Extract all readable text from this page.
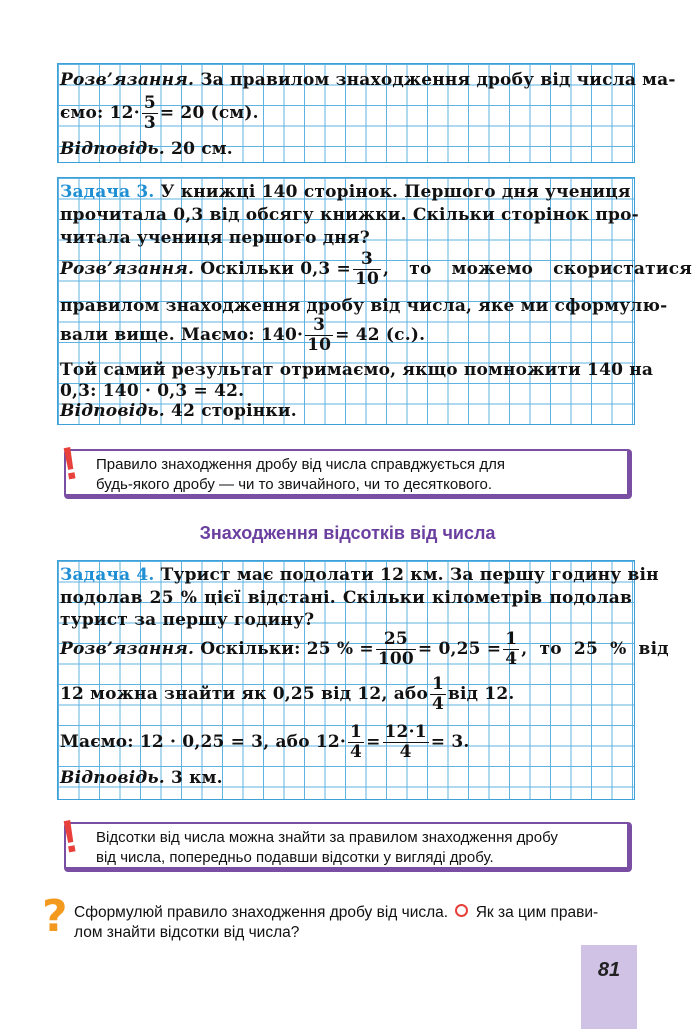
Розв’язання. За правилом знаходження дробу від числа ма-
ємо: $12\cdot \frac{5}{3} = 20$ (см).
Відповідь. 20 см.
Задача 3. У книжці 140 сторінок. Першого дня учениця
прочитала 0,3 від обсягу книжки. Скільки сторінок про-
читала учениця першого дня?
Розв’язання. Оскільки $0,3 = \frac{3}{10}$ , то можемо скористатися
правилом знаходження дробу від числа, яке ми сформулю-
вали вище. Маємо: $140\cdot \frac{3}{10} = 42$ (с.).
Той самий результат отримаємо, якщо помножити 140 на
0,3: 140 · 0,3 = 42.
Відповідь. 42 сторінки.
Правило знаходження дробу від числа справджується для
будь-якого дробу — чи то звичайного, чи то десяткового.
!
Знаходження відсотків від числа
Задача 4. Турист має подолати 12 км. За першу годину він
подолав 25 % цієї відстані. Скільки кілометрів подолав
турист за першу годину?
Розв’язання. Оскільки: 25 % = $\frac{25}{100} = 0,25 = \frac{1}{4}$ , то 25 % від
12 можна знайти як 0,25 від 12, або $\frac{1}{4}$ від 12.
Маємо: 12 · 0,25 = 3, або $12\cdot \frac{1}{4} = \frac{12\cdot 1}{4} = 3$.
Відповідь. 3 км.
Відсотки від числа можна знайти за правилом знаходження дробу
від числа, попередньо подавши відсотки у вигляді дробу.
!
? Сформулюй правило знаходження дробу від числа.  Як за цим прави-
лом знайти відсотки від числа?
81
